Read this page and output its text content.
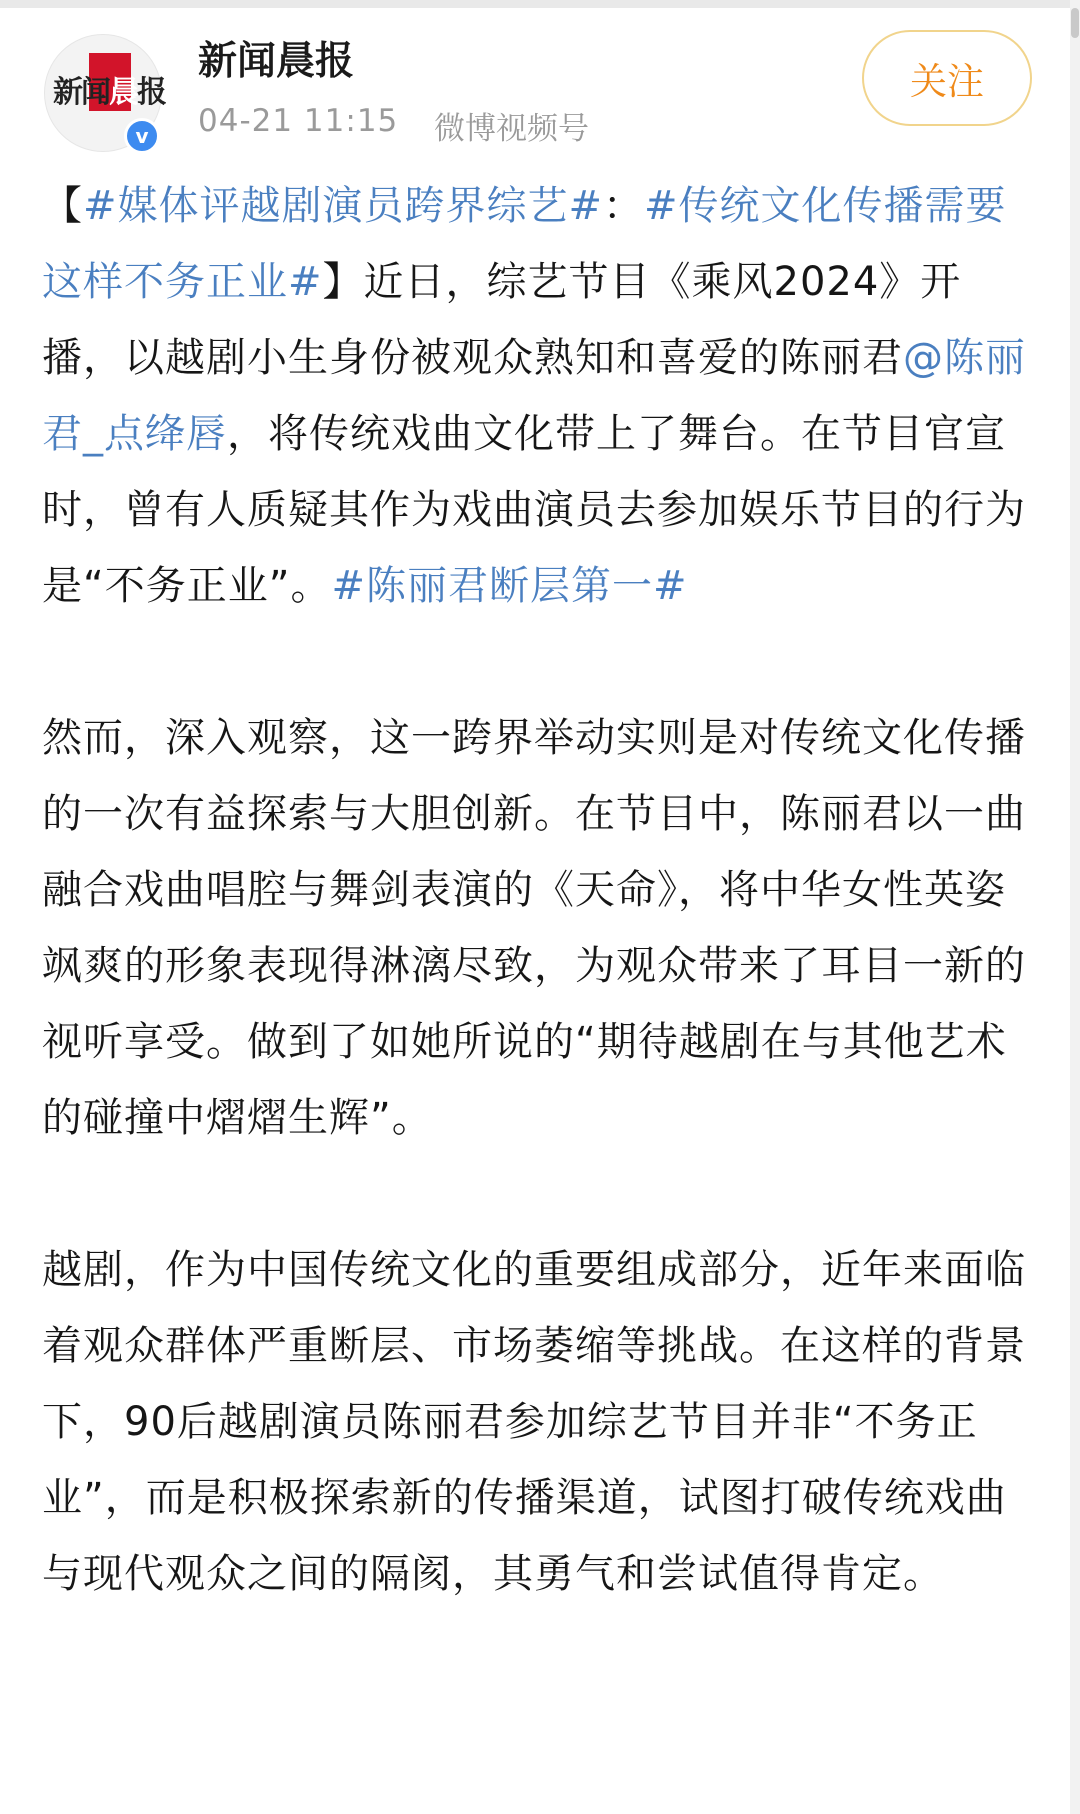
新闻晨报
v
新闻晨报
04-21 11:15 微博视频号
关注

【#媒体评越剧演员跨界综艺#：#传统文化传播需要这样不务正业#】近日，综艺节目《乘风2024》开播，以越剧小生身份被观众熟知和喜爱的陈丽君@陈丽君_点绛唇，将传统戏曲文化带上了舞台。在节目官宣时，曾有人质疑其作为戏曲演员去参加娱乐节目的行为是“不务正业”。#陈丽君断层第一#

然而，深入观察，这一跨界举动实则是对传统文化传播的一次有益探索与大胆创新。在节目中，陈丽君以一曲融合戏曲唱腔与舞剑表演的《天命》，将中华女性英姿飒爽的形象表现得淋漓尽致，为观众带来了耳目一新的视听享受。做到了如她所说的“期待越剧在与其他艺术的碰撞中熠熠生辉”。

越剧，作为中国传统文化的重要组成部分，近年来面临着观众群体严重断层、市场萎缩等挑战。在这样的背景下，90后越剧演员陈丽君参加综艺节目并非“不务正业”，而是积极探索新的传播渠道，试图打破传统戏曲与现代观众之间的隔阂，其勇气和尝试值得肯定。
